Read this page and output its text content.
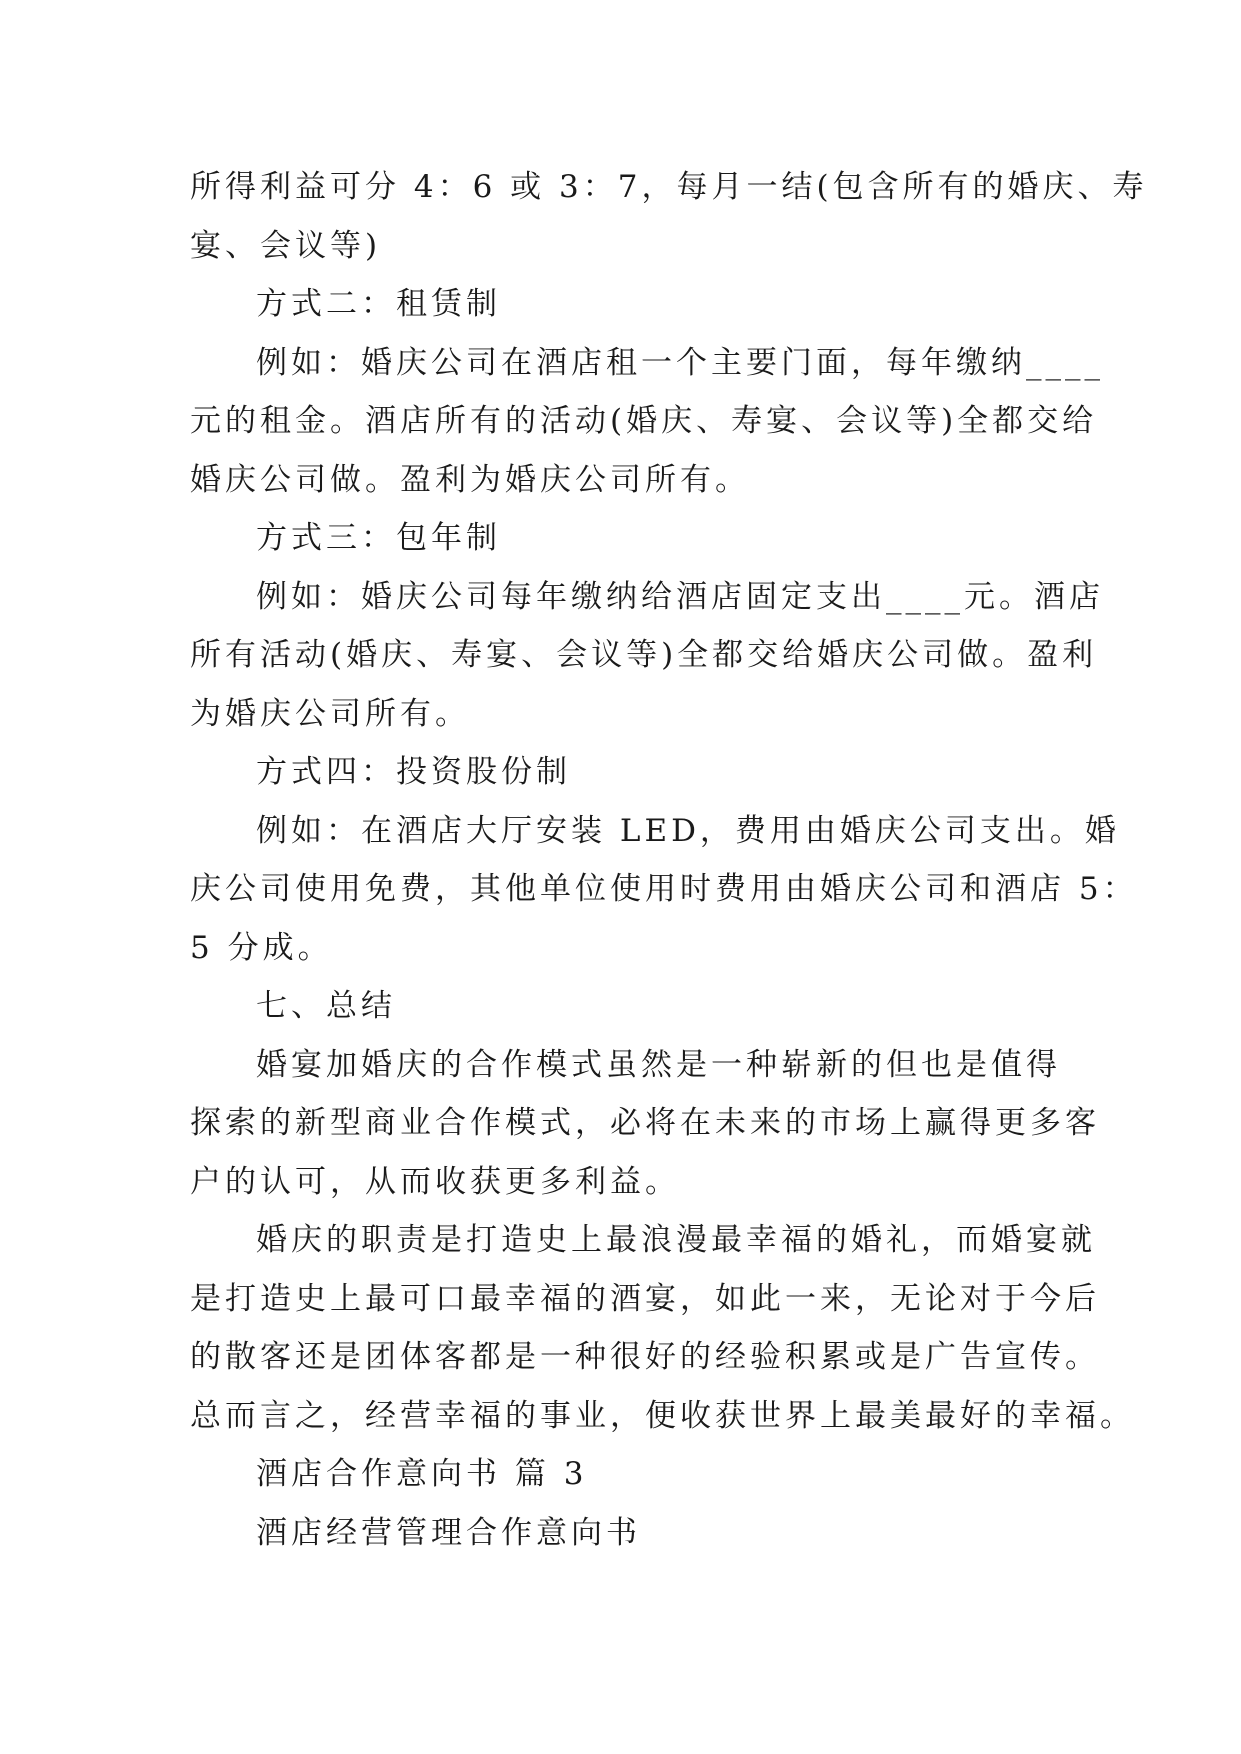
所得利益可分 4：6 或 3：7，每月一结(包含所有的婚庆、寿
宴、会议等)
方式二：租赁制
例如：婚庆公司在酒店租一个主要门面，每年缴纳____
元的租金。酒店所有的活动(婚庆、寿宴、会议等)全都交给
婚庆公司做。盈利为婚庆公司所有。
方式三：包年制
例如：婚庆公司每年缴纳给酒店固定支出____元。酒店
所有活动(婚庆、寿宴、会议等)全都交给婚庆公司做。盈利
为婚庆公司所有。
方式四：投资股份制
例如：在酒店大厅安装 LED，费用由婚庆公司支出。婚
庆公司使用免费，其他单位使用时费用由婚庆公司和酒店 5：
5 分成。
七、总结
婚宴加婚庆的合作模式虽然是一种崭新的但也是值得
探索的新型商业合作模式，必将在未来的市场上赢得更多客
户的认可，从而收获更多利益。
婚庆的职责是打造史上最浪漫最幸福的婚礼，而婚宴就
是打造史上最可口最幸福的酒宴，如此一来，无论对于今后
的散客还是团体客都是一种很好的经验积累或是广告宣传。
总而言之，经营幸福的事业，便收获世界上最美最好的幸福。
酒店合作意向书 篇 3
酒店经营管理合作意向书
